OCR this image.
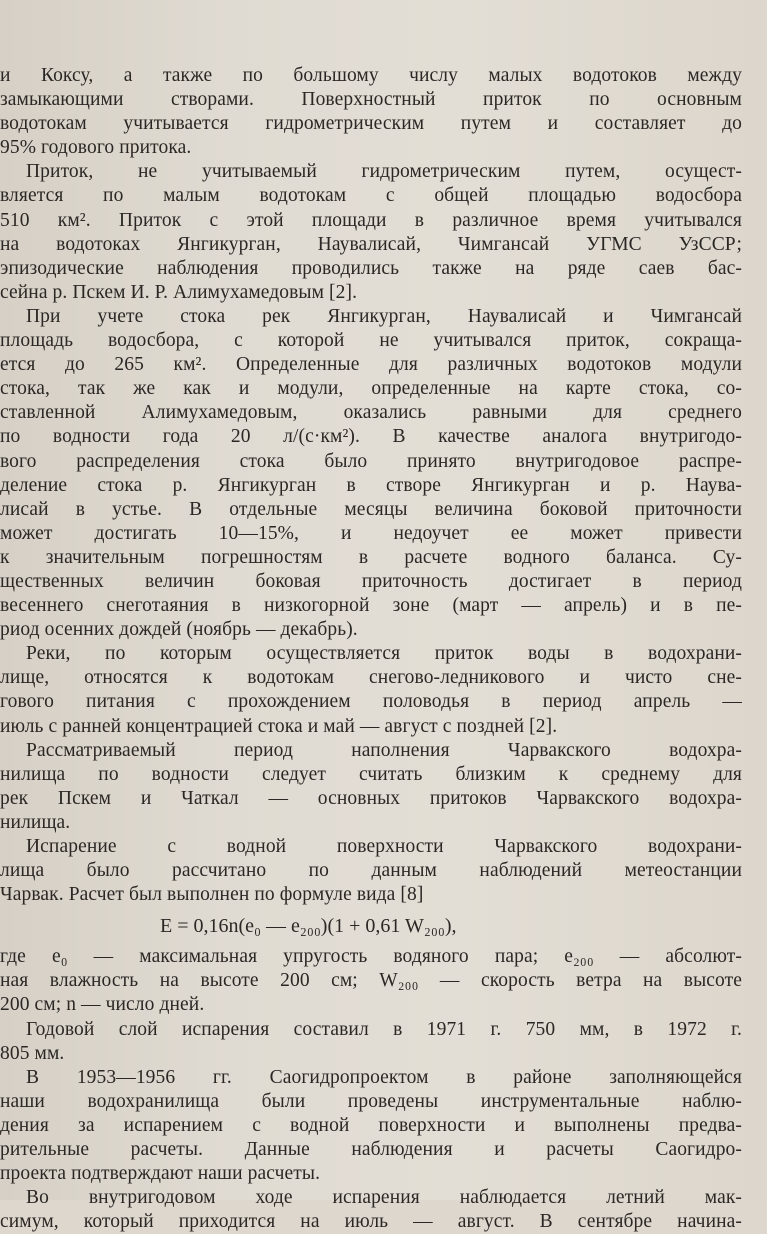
и Коксу, а также по большому числу малых водотоков между
замыкающими створами. Поверхностный приток по основным
водотокам учитывается гидрометрическим путем и составляет до
95% годового притока.
Приток, не учитываемый гидрометрическим путем, осущест-
вляется по малым водотокам с общей площадью водосбора
510 км². Приток с этой площади в различное время учитывался
на водотоках Янгикурган, Наувалисай, Чимгансай УГМС УзССР;
эпизодические наблюдения проводились также на ряде саев бас-
сейна р. Пскем И. Р. Алимухамедовым [2].
При учете стока рек Янгикурган, Наувалисай и Чимгансай
площадь водосбора, с которой не учитывался приток, сокраща-
ется до 265 км². Определенные для различных водотоков модули
стока, так же как и модули, определенные на карте стока, со-
ставленной Алимухамедовым, оказались равными для среднего
по водности года 20 л/(с·км²). В качестве аналога внутригодо-
вого распределения стока было принято внутригодовое распре-
деление стока р. Янгикурган в створе Янгикурган и р. Наува-
лисай в устье. В отдельные месяцы величина боковой приточности
может достигать 10—15%, и недоучет ее может привести
к значительным погрешностям в расчете водного баланса. Су-
щественных величин боковая приточность достигает в период
весеннего снеготаяния в низкогорной зоне (март — апрель) и в пе-
риод осенних дождей (ноябрь — декабрь).
Реки, по которым осуществляется приток воды в водохрани-
лище, относятся к водотокам снегово-ледникового и чисто сне-
гового питания с прохождением половодья в период апрель —
июль с ранней концентрацией стока и май — август с поздней [2].
Рассматриваемый период наполнения Чарвакского водохра-
нилища по водности следует считать близким к среднему для
рек Пскем и Чаткал — основных притоков Чарвакского водохра-
нилища.
Испарение с водной поверхности Чарвакского водохрани-
лища было рассчитано по данным наблюдений метеостанции
Чарвак. Расчет был выполнен по формуле вида [8]
E = 0,16n(e₀ — e₂₀₀)(1 + 0,61 W₂₀₀),
где e₀ — максимальная упругость водяного пара; e₂₀₀ — абсолют-
ная влажность на высоте 200 см; W₂₀₀ — скорость ветра на высоте
200 см; n — число дней.
Годовой слой испарения составил в 1971 г. 750 мм, в 1972 г.
805 мм.
В 1953—1956 гг. Саогидропроектом в районе заполняющейся
наши водохранилища были проведены инструментальные наблю-
дения за испарением с водной поверхности и выполнены предва-
рительные расчеты. Данные наблюдения и расчеты Саогидро-
проекта подтверждают наши расчеты.
Во внутригодовом ходе испарения наблюдается летний мак-
симум, который приходится на июль — август. В сентябре начина-
